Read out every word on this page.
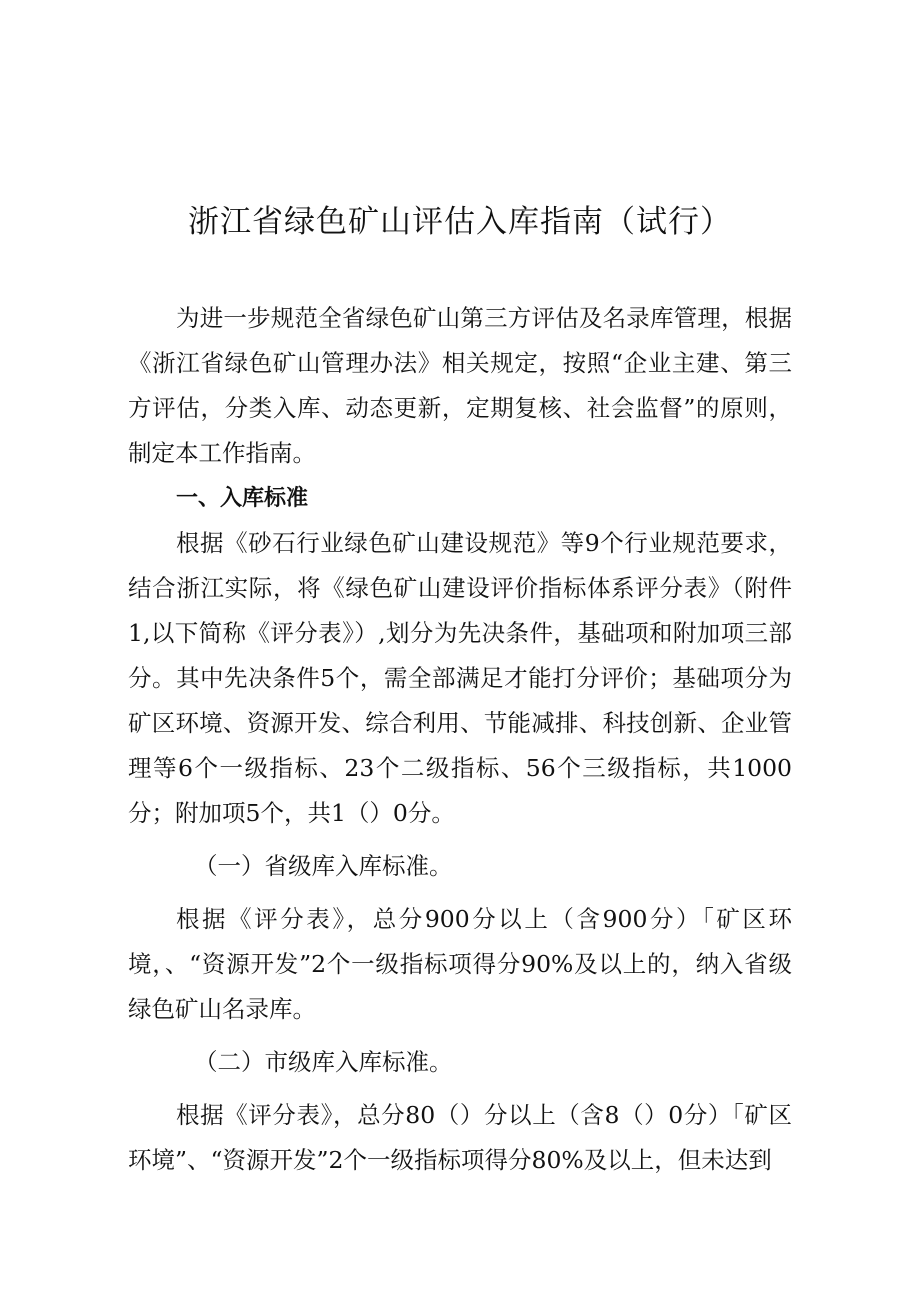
浙江省绿色矿山评估入库指南（试行）

为进一步规范全省绿色矿山第三方评估及名录库管理，根据《浙江省绿色矿山管理办法》相关规定，按照“企业主建、第三方评估，分类入库、动态更新，定期复核、社会监督”的原则，制定本工作指南。

一、入库标准

根据《砂石行业绿色矿山建设规范》等9个行业规范要求，结合浙江实际，将《绿色矿山建设评价指标体系评分表》（附件1,以下简称《评分表》）,划分为先决条件，基础项和附加项三部分。其中先决条件5个，需全部满足才能打分评价；基础项分为矿区环境、资源开发、综合利用、节能减排、科技创新、企业管理等6个一级指标、23个二级指标、56个三级指标，共1000分；附加项5个，共1（）0分。

（一）省级库入库标准。

根据《评分表》，总分900分以上（含900分）「矿区环境，、“资源开发”2个一级指标项得分90%及以上的，纳入省级绿色矿山名录库。

（二）市级库入库标准。

根据《评分表》，总分80（）分以上（含8（）0分）「矿区环境”、“资源开发”2个一级指标项得分80%及以上，但未达到
